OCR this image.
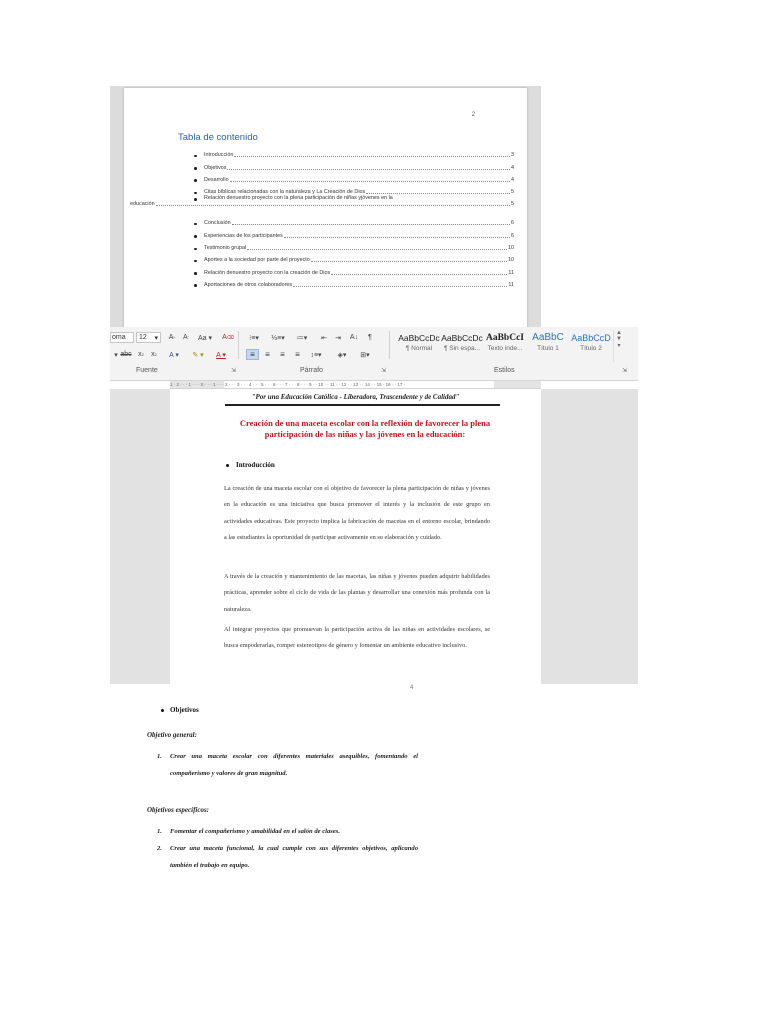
2
Tabla de contenido
Introducción	3
Objetivos	4
Desarrollo	4
Citas bíblicas relacionadas con la naturaleza y La Creación de Dios	5
Relación denuestro proyecto con la plena participación de niñas yjóvenes en la
educación	5
Conclusión	6
Experiencias de los participantes	6
Testimonio grupal	10
Aportes a la sociedad por parte del proyecto	10
Relación denuestro proyecto con la creación de Dios	11
Aportaciones de otros colaboradores	11
oma	12 ▾	A ^	A ˇ Aa ▾ A ⌫
▾ abc x 2	x 2 A ▾ ✎ ▾ A ▾
Fuente	⇲
⁝≡▾	⅓≡▾	≔▾	⇤	⇥	A↓	¶
≡	≡	≡	≡	↕≡▾	◈▾	⊞▾
Párrafo	⇲
AaBbCcDc
¶ Normal
AaBbCcDc
¶ Sin espa...
AaBbCcI
Texto inde...
AaBbC
Título 1
AaBbCcD
Título 2
▲
▼
▾
Estilos	⇲
1 · 2 · · · 1 · · · X · · · 1 · · · 2 · · · 3 · · · 4 · · · 5 · · · 6 · · · 7 · · · 8 · · · 9 · · 10 · · 11 · · 12 · · 13 · · 14 · · 15 · 16 · · 17 ·
"Por una Educación Católica - Liberadora, Trascendente y de Calidad"
Creación de una maceta escolar con la reflexión de favorecer la plena participación de las niñas y las jóvenes en la educación:
Introducción

La creación de una maceta escolar con el objetivo de favorecer la plena participación de niñas y jóvenes en la educación es una iniciativa que busca promover el interés y la inclusión de este grupo en actividades educativas. Este proyecto implica la fabricación de macetas en el entorno escolar, brindando a las estudiantes la oportunidad de participar activamente en su elaboración y cuidado.

A través de la creación y mantenimiento de las macetas, las niñas y jóvenes pueden adquirir habilidades prácticas, aprender sobre el ciclo de vida de las plantas y desarrollar una conexión más profunda con la naturaleza.

Al integrar proyectos que promuevan la participación activa de las niñas en actividades escolares, se busca empoderarlas, romper estereotipos de género y fomentar un ambiente educativo inclusivo.

4
Objetivos
Objetivo general:
1. Crear una maceta escolar con diferentes materiales asequibles, fomentando el compañerismo y valores de gran magnitud.
Objetivos específicos:
1. Fomentar el compañerismo y amabilidad en el salón de clases.
2. Crear una maceta funcional, la cual cumple con sus diferentes objetivos, aplicando también el trabajo en equipo.
